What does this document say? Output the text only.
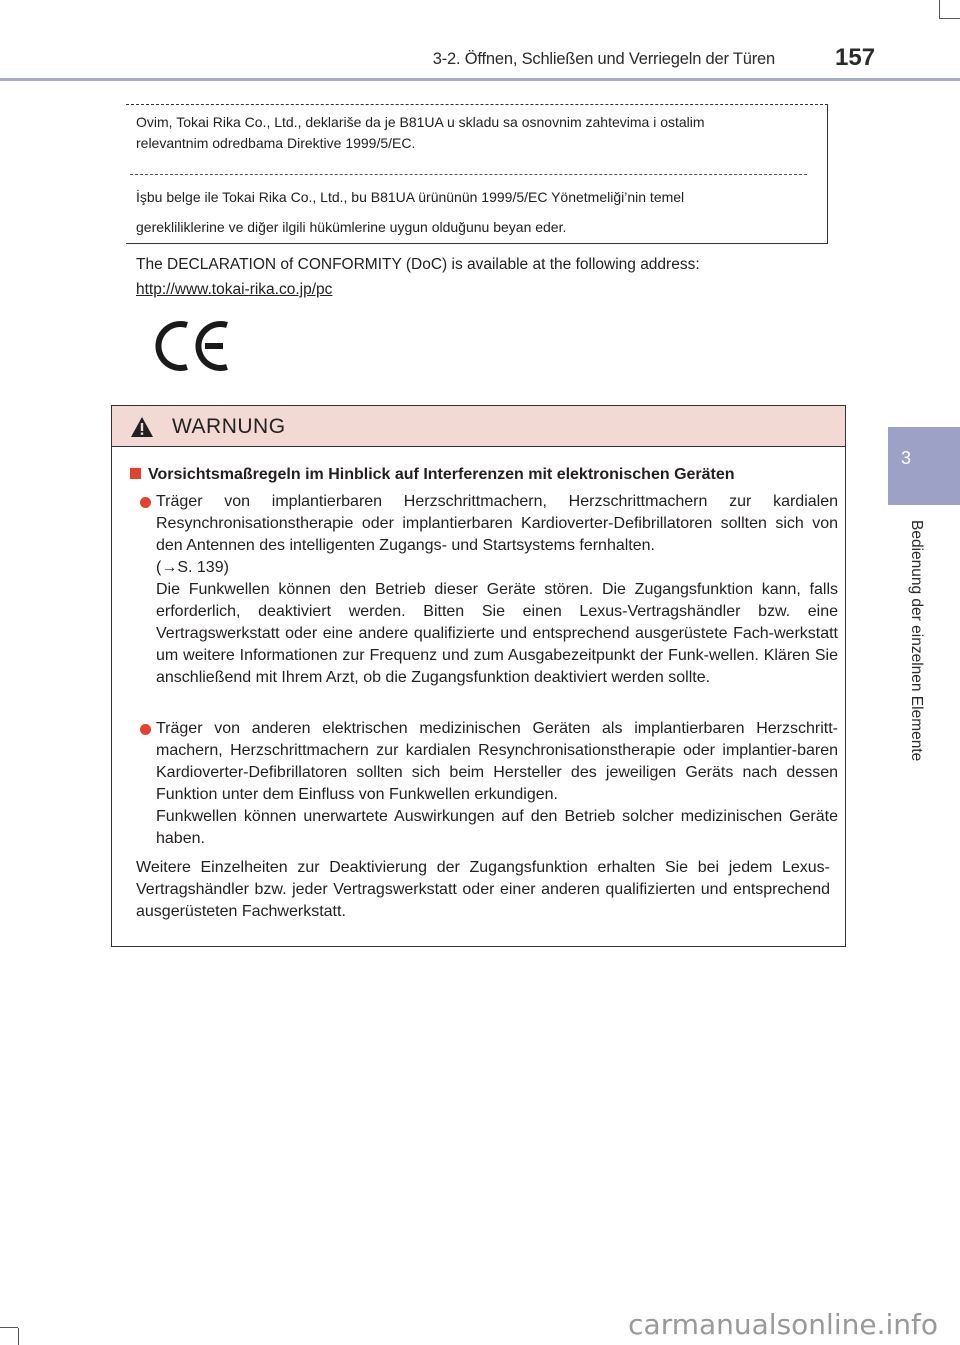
3-2. Öffnen, Schließen und Verriegeln der Türen	157
3
Bedienung der einzelnen Elemente
Ovim, Tokai Rika Co., Ltd., deklariše da je B81UA u skladu sa osnovnim zahtevima i ostalim
relevantnim odredbama Direktive 1999/5/EC.
İşbu belge ile Tokai Rika Co., Ltd., bu B81UA ürününün 1999/5/EC Yönetmeliği’nin temel
gerekliliklerine ve diğer ilgili hükümlerine uygun olduğunu beyan eder.
The DECLARATION of CONFORMITY (DoC) is available at the following address:
http://www.tokai-rika.co.jp/pc
WARNUNG
Vorsichtsmaßregeln im Hinblick auf Interferenzen mit elektronischen Geräten

Träger von implantierbaren Herzschrittmachern, Herzschrittmachern zur kardialen Resynchronisationstherapie oder implantierbaren Kardioverter-Defibrillatoren sollten sich von den Antennen des intelligenten Zugangs- und Startsystems fernhalten.

(→S. 139)

Die Funkwellen können den Betrieb dieser Geräte stören. Die Zugangsfunktion kann, falls erforderlich, deaktiviert werden. Bitten Sie einen Lexus-Vertragshändler bzw. eine Vertragswerkstatt oder eine andere qualifizierte und entsprechend ausgerüstete Fach-werkstatt um weitere Informationen zur Frequenz und zum Ausgabezeitpunkt der Funk-wellen. Klären Sie anschließend mit Ihrem Arzt, ob die Zugangsfunktion deaktiviert werden sollte.

Träger von anderen elektrischen medizinischen Geräten als implantierbaren Herzschritt-machern, Herzschrittmachern zur kardialen Resynchronisationstherapie oder implantier-baren Kardioverter-Defibrillatoren sollten sich beim Hersteller des jeweiligen Geräts nach dessen Funktion unter dem Einfluss von Funkwellen erkundigen.

Funkwellen können unerwartete Auswirkungen auf den Betrieb solcher medizinischen Geräte haben.

Weitere Einzelheiten zur Deaktivierung der Zugangsfunktion erhalten Sie bei jedem Lexus-Vertragshändler bzw. jeder Vertragswerkstatt oder einer anderen qualifizierten und entsprechend ausgerüsteten Fachwerkstatt.

carmanualsonline.info
